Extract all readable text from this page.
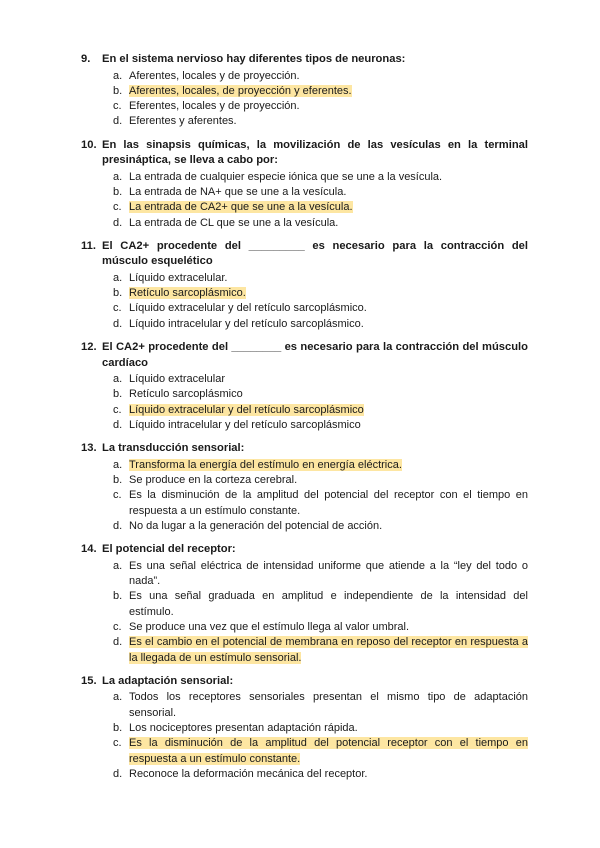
9.	En el sistema nervioso hay diferentes tipos de neuronas:
a. Aferentes, locales y de proyección.
b. Aferentes, locales, de proyección y eferentes.
c. Eferentes, locales y de proyección.
d. Eferentes y aferentes.
10. En las sinapsis químicas, la movilización de las vesículas en la terminal presináptica, se lleva a cabo por:
a. La entrada de cualquier especie iónica que se une a la vesícula.
b. La entrada de NA+ que se une a la vesícula.
c. La entrada de CA2+ que se une a la vesícula.
d. La entrada de CL que se une a la vesícula.
11. El CA2+ procedente del _________ es necesario para la contracción del músculo esquelético
a. Líquido extracelular.
b. Retículo sarcoplásmico.
c. Líquido extracelular y del retículo sarcoplásmico.
d. Líquido intracelular y del retículo sarcoplásmico.
12. El CA2+ procedente del ________ es necesario para la contracción del músculo cardíaco
a. Líquido extracelular
b. Retículo sarcoplásmico
c. Líquido extracelular y del retículo sarcoplásmico
d. Líquido intracelular y del retículo sarcoplásmico
13. La transducción sensorial:
a. Transforma la energía del estímulo en energía eléctrica.
b. Se produce en la corteza cerebral.
c. Es la disminución de la amplitud del potencial del receptor con el tiempo en respuesta a un estímulo constante.
d. No da lugar a la generación del potencial de acción.
14. El potencial del receptor:
a. Es una señal eléctrica de intensidad uniforme que atiende a la “ley del todo o nada”.
b. Es una señal graduada en amplitud e independiente de la intensidad del estímulo.
c. Se produce una vez que el estímulo llega al valor umbral.
d. Es el cambio en el potencial de membrana en reposo del receptor en respuesta a la llegada de un estímulo sensorial.
15. La adaptación sensorial:
a. Todos los receptores sensoriales presentan el mismo tipo de adaptación sensorial.
b. Los nociceptores presentan adaptación rápida.
c. Es la disminución de la amplitud del potencial receptor con el tiempo en respuesta a un estímulo constante.
d. Reconoce la deformación mecánica del receptor.
